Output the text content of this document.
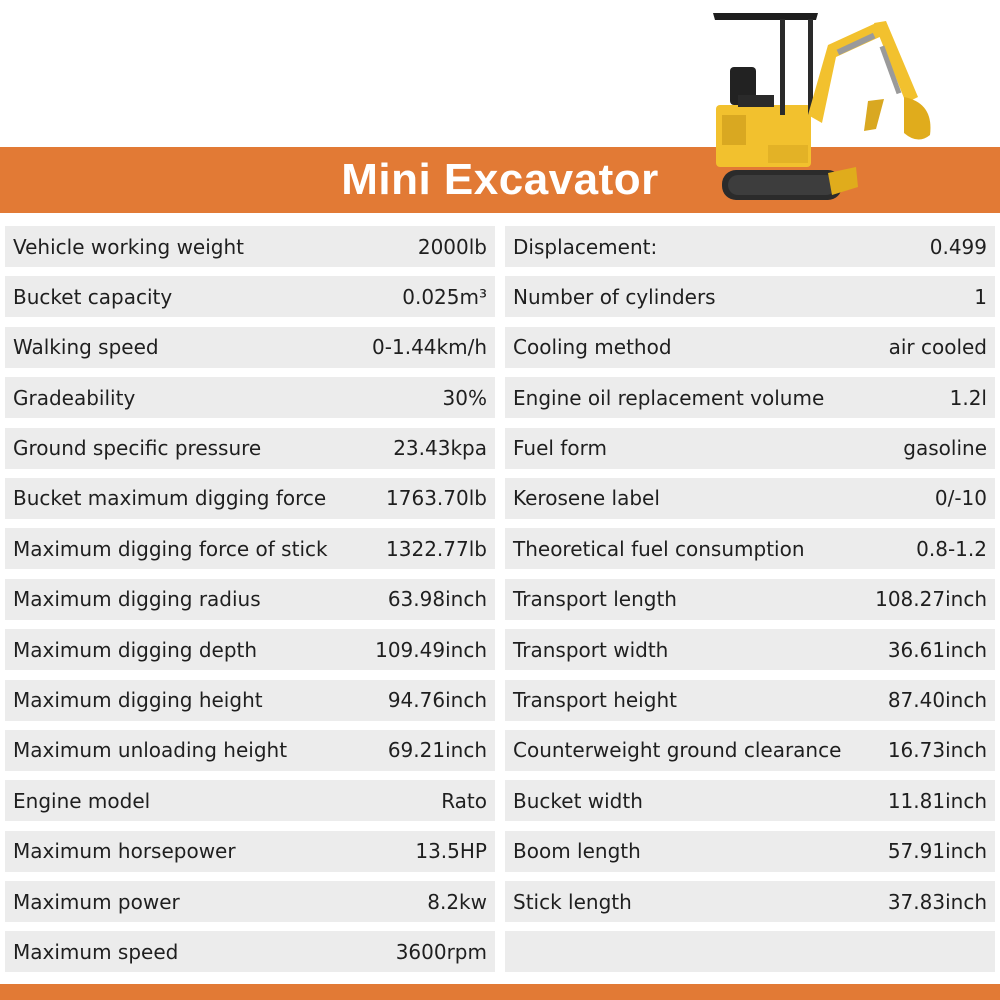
Mini Excavator
Vehicle working weight	2000lb
Bucket capacity	0.025m³
Walking speed	0-1.44km/h
Gradeability	30%
Ground specific pressure	23.43kpa
Bucket maximum digging force	1763.70lb
Maximum digging force of stick	1322.77lb
Maximum digging radius	63.98inch
Maximum digging depth	109.49inch
Maximum digging height	94.76inch
Maximum unloading height	69.21inch
Engine model	Rato
Maximum horsepower	13.5HP
Maximum power	8.2kw
Maximum speed	3600rpm
Displacement:	0.499
Number of cylinders	1
Cooling method	air cooled
Engine oil replacement volume	1.2l
Fuel form	gasoline
Kerosene label	0/-10
Theoretical fuel consumption	0.8-1.2
Transport length	108.27inch
Transport width	36.61inch
Transport height	87.40inch
Counterweight ground clearance 16.73inch
Bucket width	11.81inch
Boom length	57.91inch
Stick length	37.83inch
